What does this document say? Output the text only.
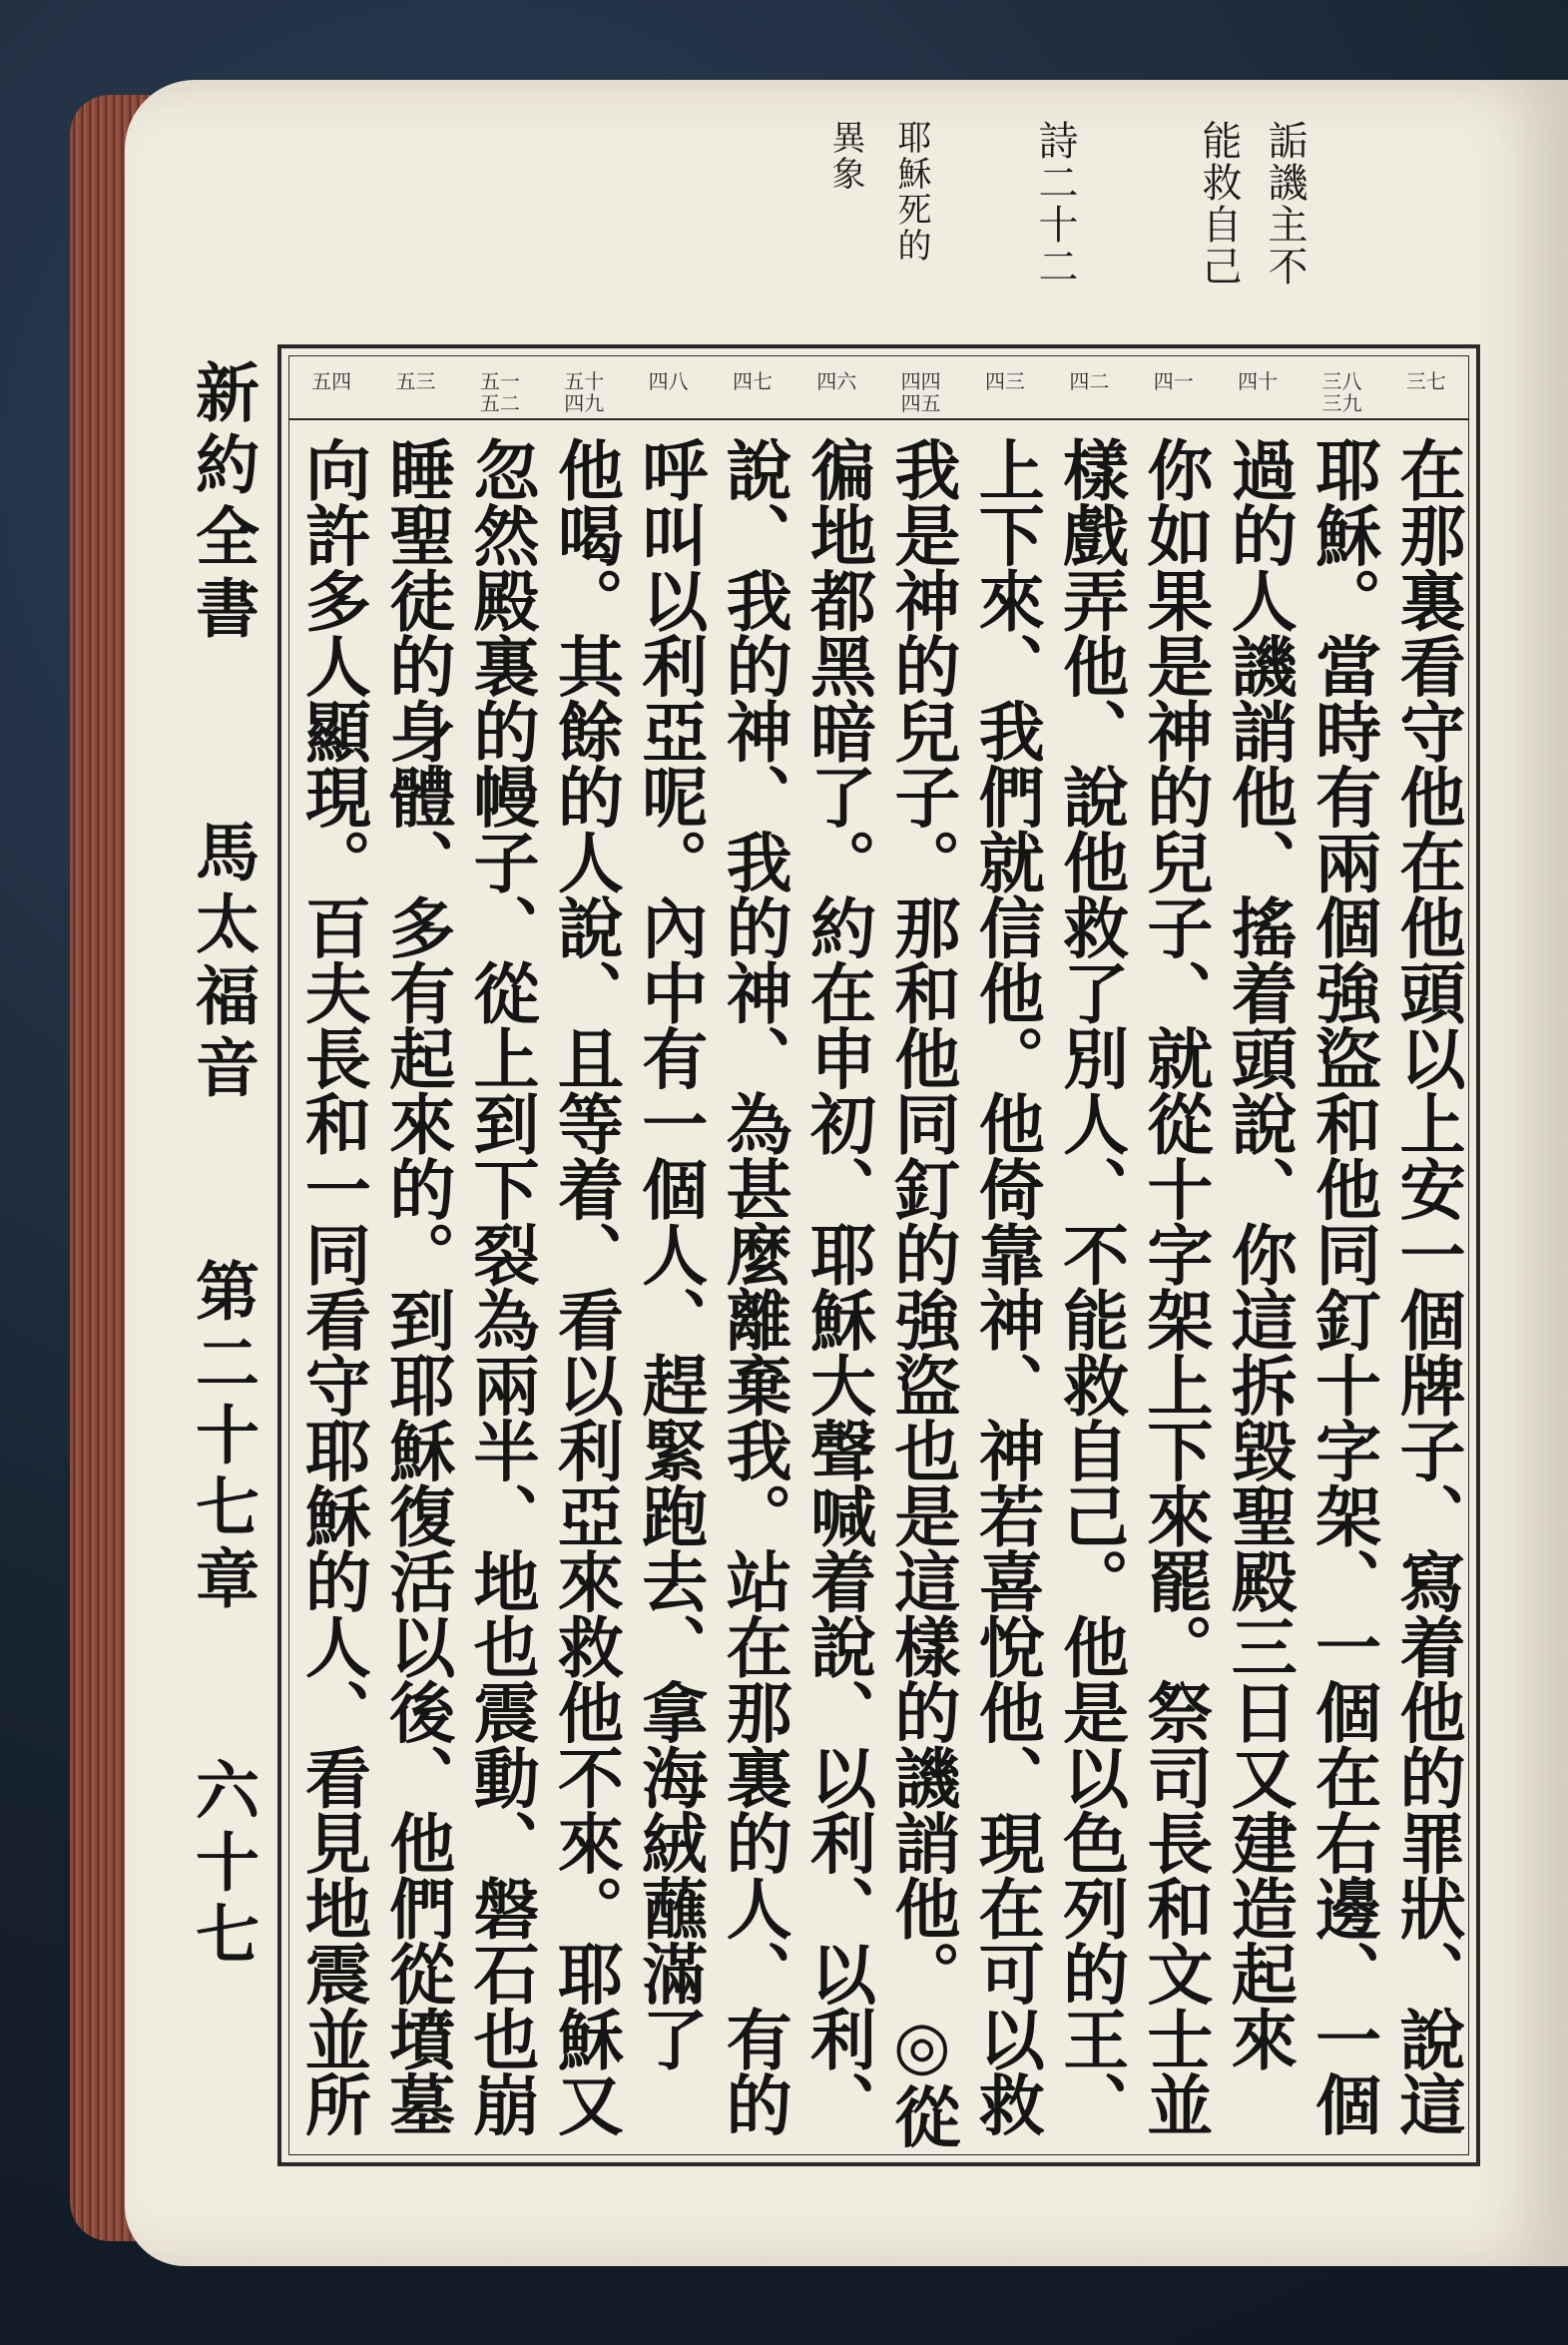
詬譏主不
能救自己
詩二十二
耶穌死的
異象
新約全書
馬太福音
第二十七章
六十七
三七
三八
三九
四十
四一
四二
四三
四四
四五
四六
四七
四八
五十
四九
五一
五二
五三
五四
在那裏看守他在他頭以上安一個牌子、寫着他的罪狀、說這
耶穌。當時有兩個強盜和他同釘十字架、一個在右邊、一個
過的人譏誚他、搖着頭說、你這拆毀聖殿三日又建造起來
你如果是神的兒子、就從十字架上下來罷。祭司長和文士並
樣戲弄他、說他救了別人、不能救自己。他是以色列的王、
上下來、我們就信他。他倚靠神、神若喜悅他、現在可以救
我是神的兒子。那和他同釘的強盜也是這樣的譏誚他。◎從
徧地都黑暗了。約在申初、耶穌大聲喊着說、以利、以利、
說、我的神、我的神、為甚麼離棄我。站在那裏的人、有的
呼叫以利亞呢。內中有一個人、趕緊跑去、拿海絨蘸滿了
他喝。其餘的人說、且等着、看以利亞來救他不來。耶穌又
忽然殿裏的幔子、從上到下裂為兩半、地也震動、磐石也崩
睡聖徒的身體、多有起來的。到耶穌復活以後、他們從墳墓
向許多人顯現。百夫長和一同看守耶穌的人、看見地震並所
